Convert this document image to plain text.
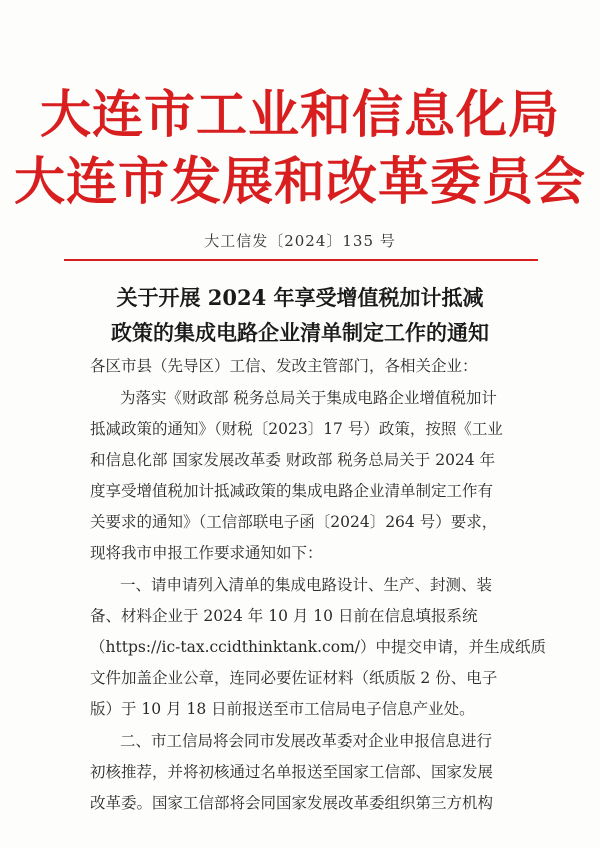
大连市工业和信息化局
大连市发展和改革委员会
大工信发〔2024〕135 号
关于开展 2024 年享受增值税加计抵减
政策的集成电路企业清单制定工作的通知
各区市县（先导区）工信、发改主管部门，各相关企业：
为落实《财政部 税务总局关于集成电路企业增值税加计
抵减政策的通知》（财税〔2023〕17 号）政策，按照《工业
和信息化部 国家发展改革委 财政部 税务总局关于 2024 年
度享受增值税加计抵减政策的集成电路企业清单制定工作有
关要求的通知》（工信部联电子函〔2024〕264 号）要求，
现将我市申报工作要求通知如下：
一、请申请列入清单的集成电路设计、生产、封测、装
备、材料企业于 2024 年 10 月 10 日前在信息填报系统
（https://ic-tax.ccidthinktank.com/）中提交申请，并生成纸质
文件加盖企业公章，连同必要佐证材料（纸质版 2 份、电子
版）于 10 月 18 日前报送至市工信局电子信息产业处。
二、市工信局将会同市发展改革委对企业申报信息进行
初核推荐，并将初核通过名单报送至国家工信部、国家发展
改革委。国家工信部将会同国家发展改革委组织第三方机构
